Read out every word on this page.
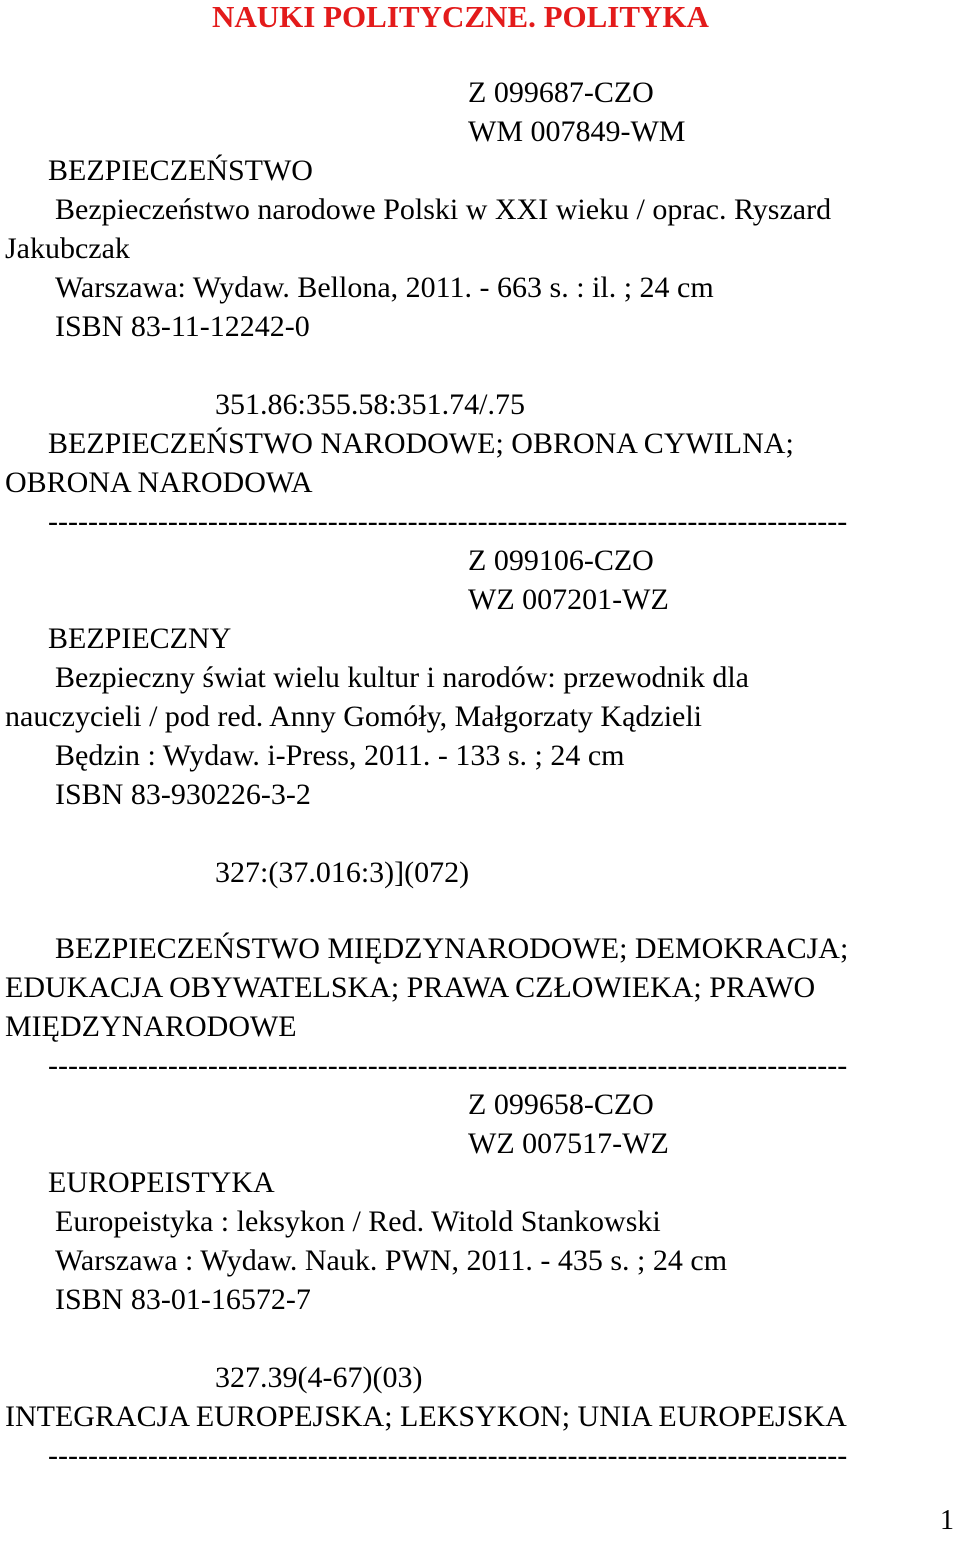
NAUKI POLITYCZNE. POLITYKA
Z 099687-CZO
WM 007849-WM
BEZPIECZEŃSTWO
Bezpieczeństwo narodowe Polski w XXI wieku / oprac. Ryszard
Jakubczak
Warszawa: Wydaw. Bellona, 2011. - 663 s. : il. ; 24 cm
ISBN 83-11-12242-0
351.86:355.58:351.74/.75
BEZPIECZEŃSTWO NARODOWE; OBRONA CYWILNA;
OBRONA NARODOWA
--------------------------------------------------------------------------------
Z 099106-CZO
WZ 007201-WZ
BEZPIECZNY
Bezpieczny świat wielu kultur i narodów: przewodnik dla
nauczycieli / pod red. Anny Gomóły, Małgorzaty Kądzieli
Będzin : Wydaw. i-Press, 2011. - 133 s. ; 24 cm
ISBN 83-930226-3-2
327:(37.016:3)](072)
BEZPIECZEŃSTWO MIĘDZYNARODOWE; DEMOKRACJA;
EDUKACJA OBYWATELSKA; PRAWA CZŁOWIEKA; PRAWO
MIĘDZYNARODOWE
--------------------------------------------------------------------------------
Z 099658-CZO
WZ 007517-WZ
EUROPEISTYKA
Europeistyka : leksykon / Red. Witold Stankowski
Warszawa : Wydaw. Nauk. PWN, 2011. - 435 s. ; 24 cm
ISBN 83-01-16572-7
327.39(4-67)(03)
INTEGRACJA EUROPEJSKA; LEKSYKON; UNIA EUROPEJSKA
--------------------------------------------------------------------------------
1
